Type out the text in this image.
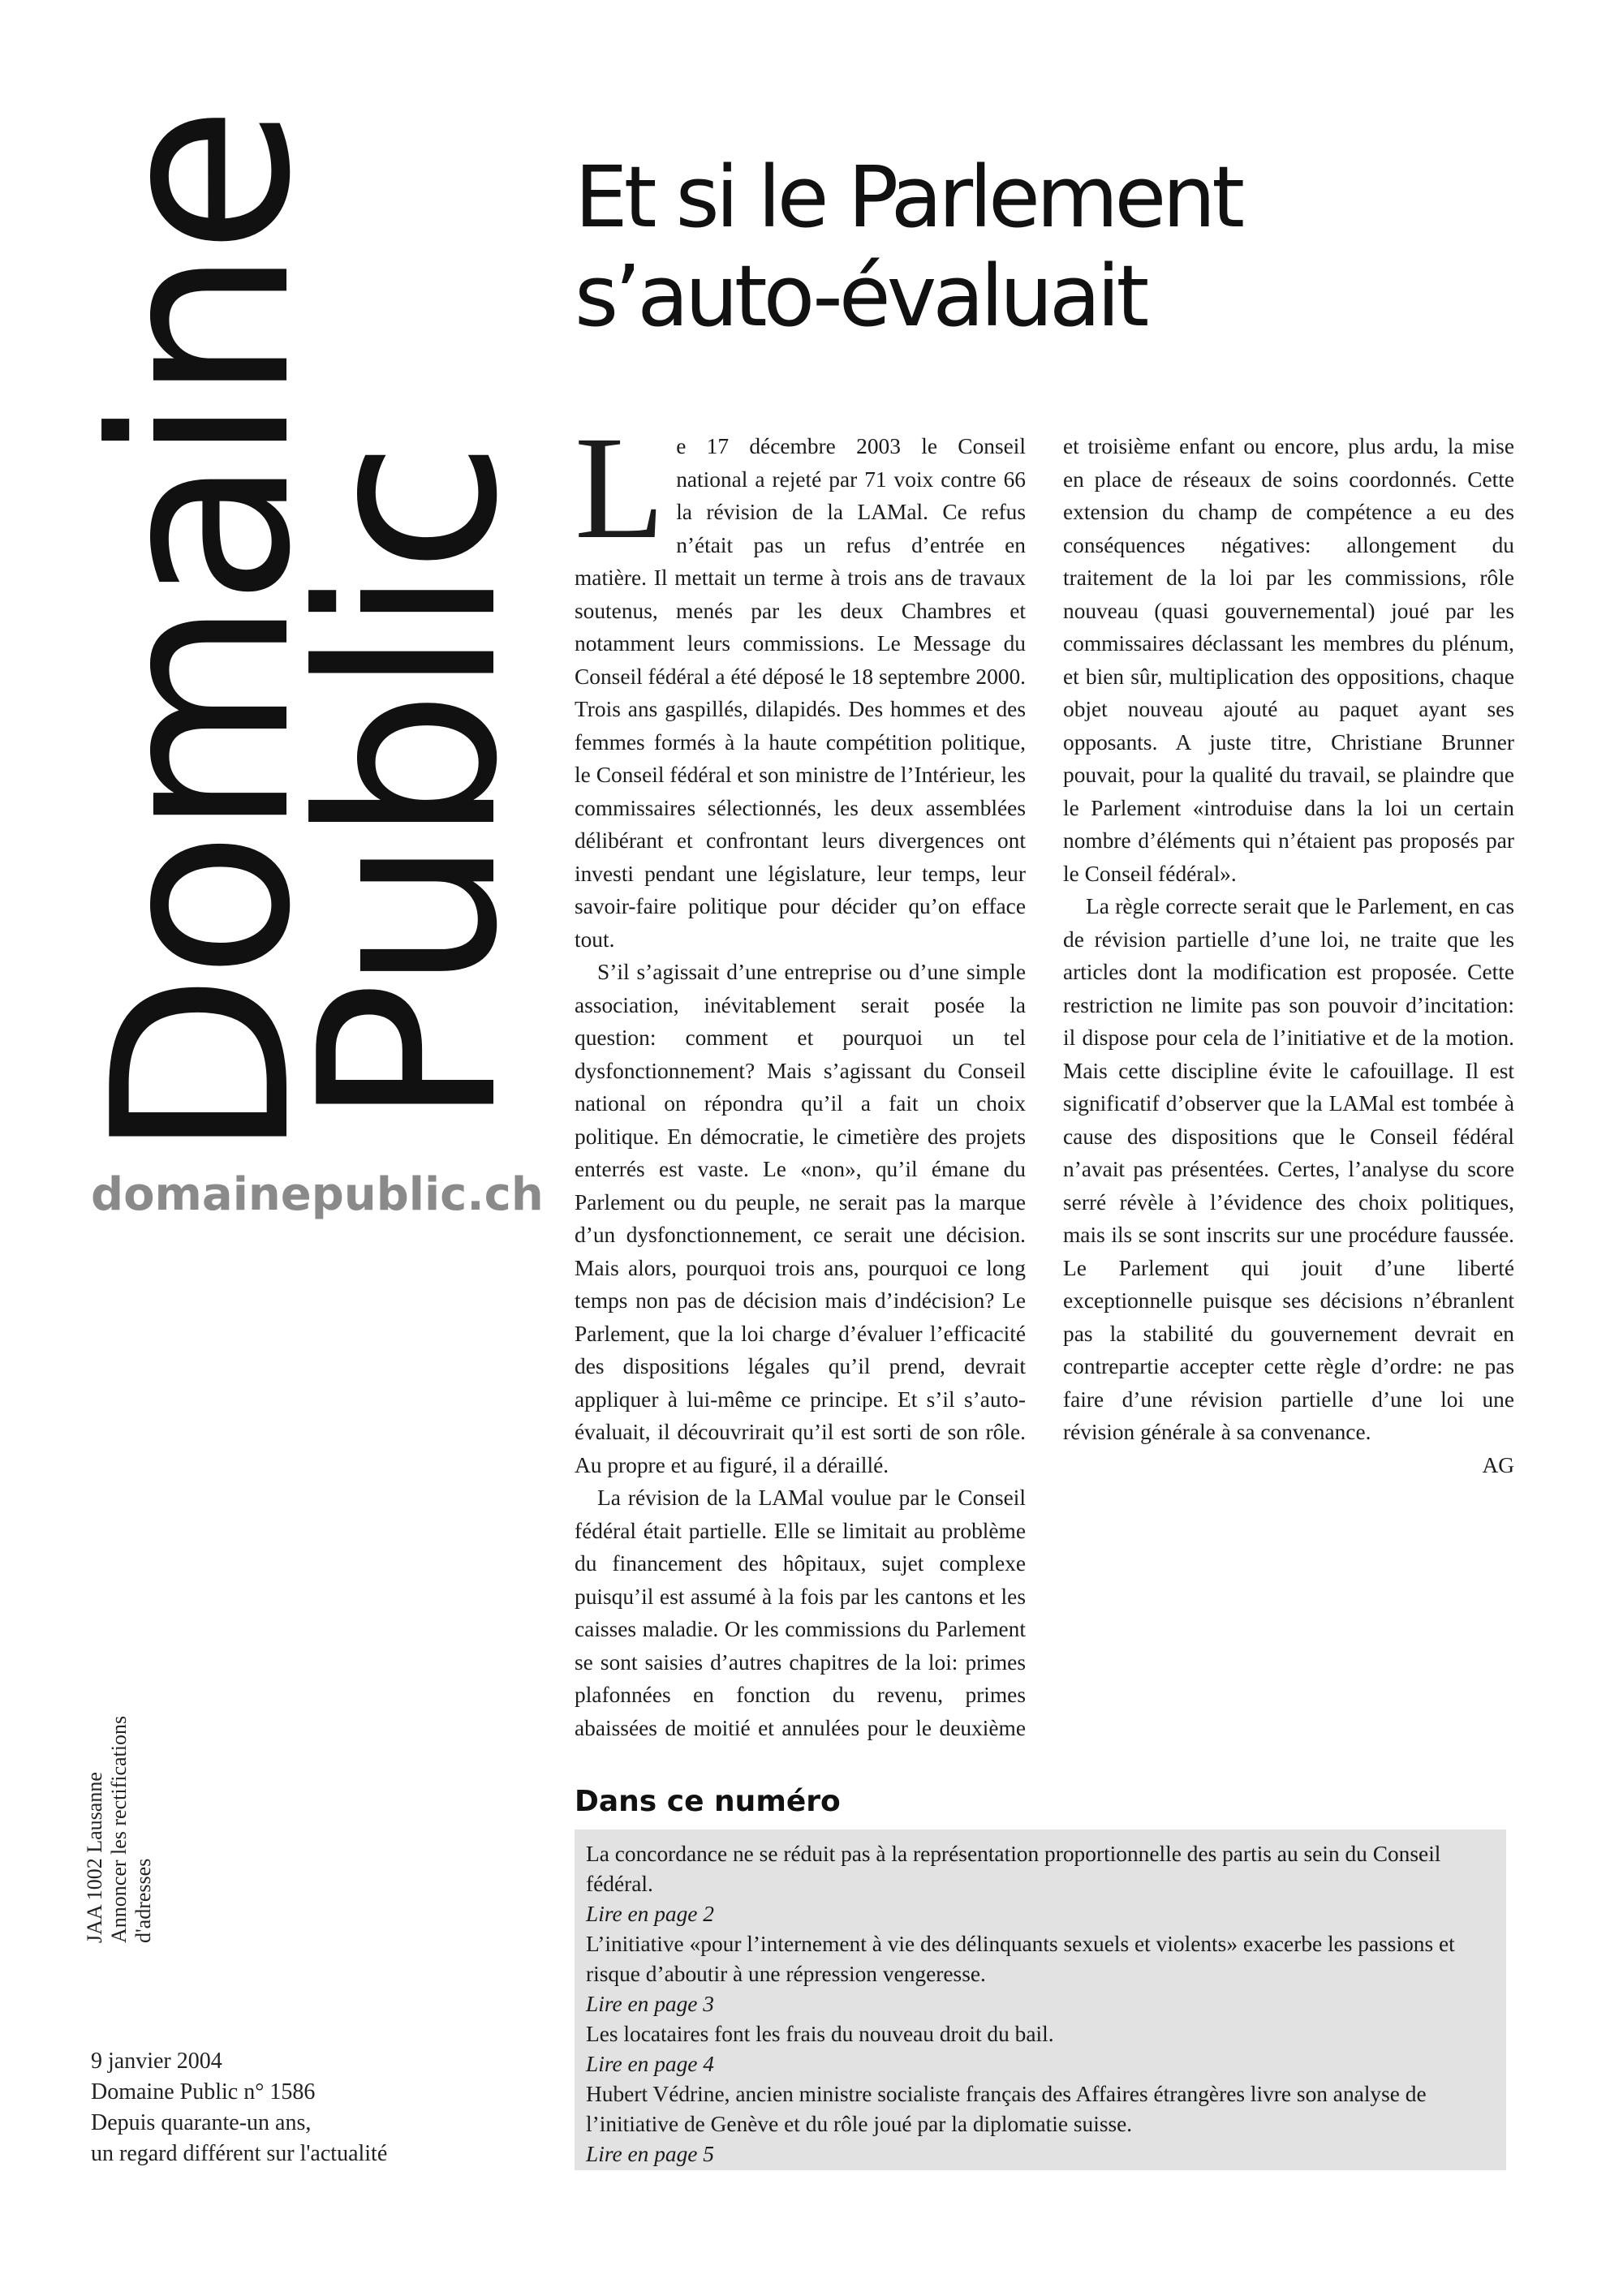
Domaine
Public
domainepublic.ch
JAA 1002 Lausanne Annoncer les rectifications d'adresses
9 janvier 2004
Domaine Public n° 1586
Depuis quarante-un ans,
un regard différent sur l'actualité
Et si le Parlement
s’auto-évaluait

Le 17 décembre 2003 le Conseil national a rejeté par 71 voix contre 66 la révision de la LAMal. Ce refus n’était pas un refus d’entrée en matière. Il mettait un terme à trois ans de travaux soutenus, menés par les deux Chambres et notamment leurs commissions. Le Message du Conseil fédéral a été déposé le 18 septembre 2000. Trois ans gaspillés, dilapidés. Des hommes et des femmes formés à la haute compétition politique, le Conseil fédéral et son ministre de l’Intérieur, les commissaires sélectionnés, les deux assemblées délibérant et confrontant leurs divergences ont investi pendant une législature, leur temps, leur savoir-faire politique pour décider qu’on efface tout.

S’il s’agissait d’une entreprise ou d’une simple association, inévitablement serait posée la question: comment et pourquoi un tel dysfonctionnement? Mais s’agissant du Conseil national on répondra qu’il a fait un choix politique. En démocratie, le cimetière des projets enterrés est vaste. Le «non», qu’il émane du Parlement ou du peuple, ne serait pas la marque d’un dysfonctionnement, ce serait une décision. Mais alors, pourquoi trois ans, pourquoi ce long temps non pas de décision mais d’indécision? Le Parlement, que la loi charge d’évaluer l’efficacité des dispositions légales qu’il prend, devrait appliquer à lui-même ce principe. Et s’il s’auto-évaluait, il découvrirait qu’il est sorti de son rôle. Au propre et au figuré, il a déraillé.

La révision de la LAMal voulue par le Conseil fédéral était partielle. Elle se limitait au problème du financement des hôpitaux, sujet complexe puisqu’il est assumé à la fois par les cantons et les caisses maladie. Or les commissions du Parlement se sont saisies d’autres chapitres de la loi: primes plafonnées en fonction du revenu, primes abaissées de moitié et annulées pour le deuxième et troisième enfant ou encore, plus ardu, la mise en place de réseaux de soins coordonnés. Cette extension du champ de compétence a eu des conséquences négatives: allongement du traitement de la loi par les commissions, rôle nouveau (quasi gouvernemental) joué par les commissaires déclassant les membres du plénum, et bien sûr, multiplication des oppositions, chaque objet nouveau ajouté au paquet ayant ses opposants. A juste titre, Christiane Brunner pouvait, pour la qualité du travail, se plaindre que le Parlement «introduise dans la loi un certain nombre d’éléments qui n’étaient pas proposés par le Conseil fédéral».

La règle correcte serait que le Parlement, en cas de révision partielle d’une loi, ne traite que les articles dont la modification est proposée. Cette restriction ne limite pas son pouvoir d’incitation: il dispose pour cela de l’initiative et de la motion. Mais cette discipline évite le cafouillage. Il est significatif d’observer que la LAMal est tombée à cause des dispositions que le Conseil fédéral n’avait pas présentées. Certes, l’analyse du score serré révèle à l’évidence des choix politiques, mais ils se sont inscrits sur une procédure faussée. Le Parlement qui jouit d’une liberté exceptionnelle puisque ses décisions n’ébranlent pas la stabilité du gouvernement devrait en contrepartie accepter cette règle d’ordre: ne pas faire d’une révision partielle d’une loi une révision générale à sa convenance.

AG

Dans ce numéro
La concordance ne se réduit pas à la représentation proportionnelle des partis au sein du Conseil fédéral.
Lire en page 2
L’initiative «pour l’internement à vie des délinquants sexuels et violents» exacerbe les passions et risque d’aboutir à une répression vengeresse.
Lire en page 3
Les locataires font les frais du nouveau droit du bail.
Lire en page 4
Hubert Védrine, ancien ministre socialiste français des Affaires étrangères livre son analyse de l’initiative de Genève et du rôle joué par la diplomatie suisse.
Lire en page 5
